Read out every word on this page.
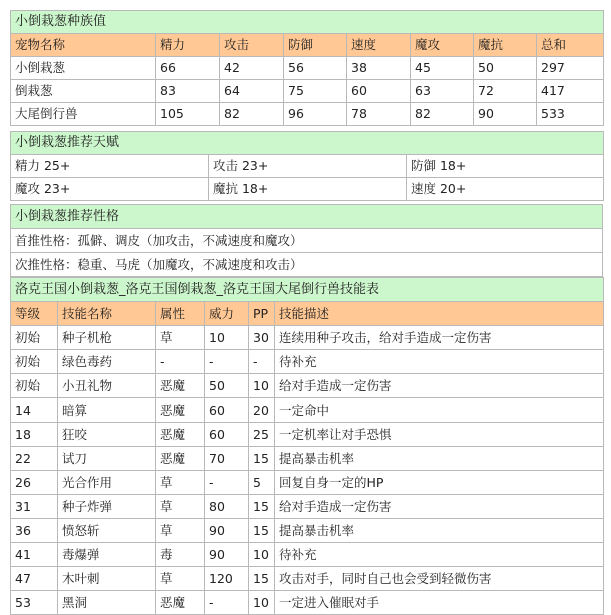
小倒栽葱种族值							
宠物名称	精力	攻击	防御	速度	魔攻	魔抗	总和
小倒栽葱	66	42	56	38	45	50	297
倒栽葱	83	64	75	60	63	72	417
大尾倒行兽	105	82	96	78	82	90	533
小倒栽葱推荐天赋		
精力 25+	攻击 23+	防御 18+
魔攻 23+	魔抗 18+	速度 20+
小倒栽葱推荐性格
首推性格：孤僻、调皮（加攻击，不减速度和魔攻）
次推性格：稳重、马虎（加魔攻，不减速度和攻击）
洛克王国小倒栽葱_洛克王国倒栽葱_洛克王国大尾倒行兽技能表					
等级	技能名称	属性	威力	PP	技能描述
初始	种子机枪	草	10	30	连续用种子攻击，给对手造成一定伤害
初始	绿色毒药	-	-	-	待补充
初始	小丑礼物	恶魔	50	10	给对手造成一定伤害
14	暗算	恶魔	60	20	一定命中
18	狂咬	恶魔	60	25	一定机率让对手恐惧
22	试刀	恶魔	70	15	提高暴击机率
26	光合作用	草	-	5	回复自身一定的HP
31	种子炸弹	草	80	15	给对手造成一定伤害
36	愤怒斩	草	90	15	提高暴击机率
41	毒爆弹	毒	90	10	待补充
47	木叶刺	草	120	15	攻击对手，同时自己也会受到轻微伤害
53	黑洞	恶魔	-	10	一定进入催眠对手
